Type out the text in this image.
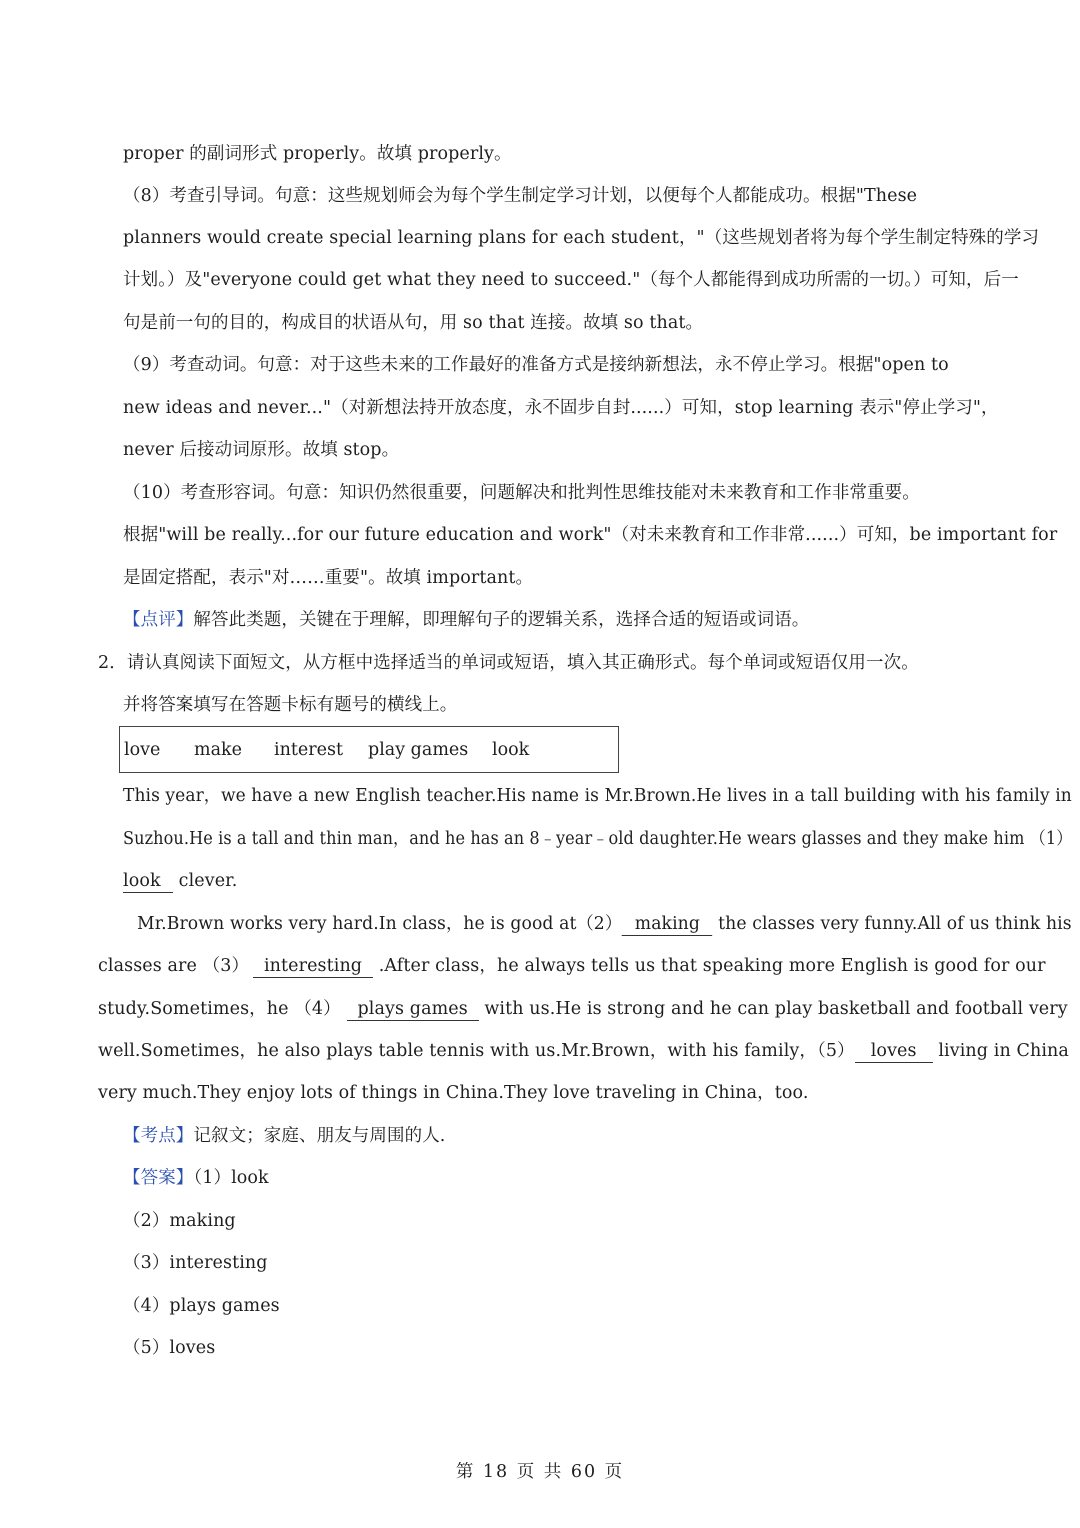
proper 的副词形式 properly。故填 properly。
（8）考查引导词。句意：这些规划师会为每个学生制定学习计划，以便每个人都能成功。根据"These
planners would create special learning plans for each student，"（这些规划者将为每个学生制定特殊的学习
计划。）及"everyone could get what they need to succeed."（每个人都能得到成功所需的一切。）可知，后一
句是前一句的目的，构成目的状语从句，用 so that 连接。故填 so that。
（9）考查动词。句意：对于这些未来的工作最好的准备方式是接纳新想法，永不停止学习。根据"open to
new ideas and never..."（对新想法持开放态度，永不固步自封......）可知，stop learning 表示"停止学习"，
never 后接动词原形。故填 stop。
（10）考查形容词。句意：知识仍然很重要，问题解决和批判性思维技能对未来教育和工作非常重要。
根据"will be really...for our future education and work"（对未来教育和工作非常......）可知，be important for
是固定搭配，表示"对……重要"。故填 important。
【点评】解答此类题，关键在于理解，即理解句子的逻辑关系，选择合适的短语或词语。
2．请认真阅读下面短文，从方框中选择适当的单词或短语，填入其正确形式。每个单词或短语仅用一次。
并将答案填写在答题卡标有题号的横线上。
love make interest play games look
This year，we have a new English teacher.His name is Mr.Brown.He lives in a tall building with his family in
Suzhou.He is a tall and thin man，and he has an 8﹣year﹣old daughter.He wears glasses and they make him （1）
look clever.
Mr.Brown works very hard.In class，he is good at（2） making the classes very funny.All of us think his
classes are （3） interesting .After class，he always tells us that speaking more English is good for our
study.Sometimes，he （4） plays games with us.He is strong and he can play basketball and football very
well.Sometimes，he also plays table tennis with us.Mr.Brown，with his family，（5） loves living in China
very much.They enjoy lots of things in China.They love traveling in China，too.
【考点】记叙文；家庭、朋友与周围的人.
【答案】（1）look
（2）making
（3）interesting
（4）plays games
（5）loves
第 18 页 共 60 页
